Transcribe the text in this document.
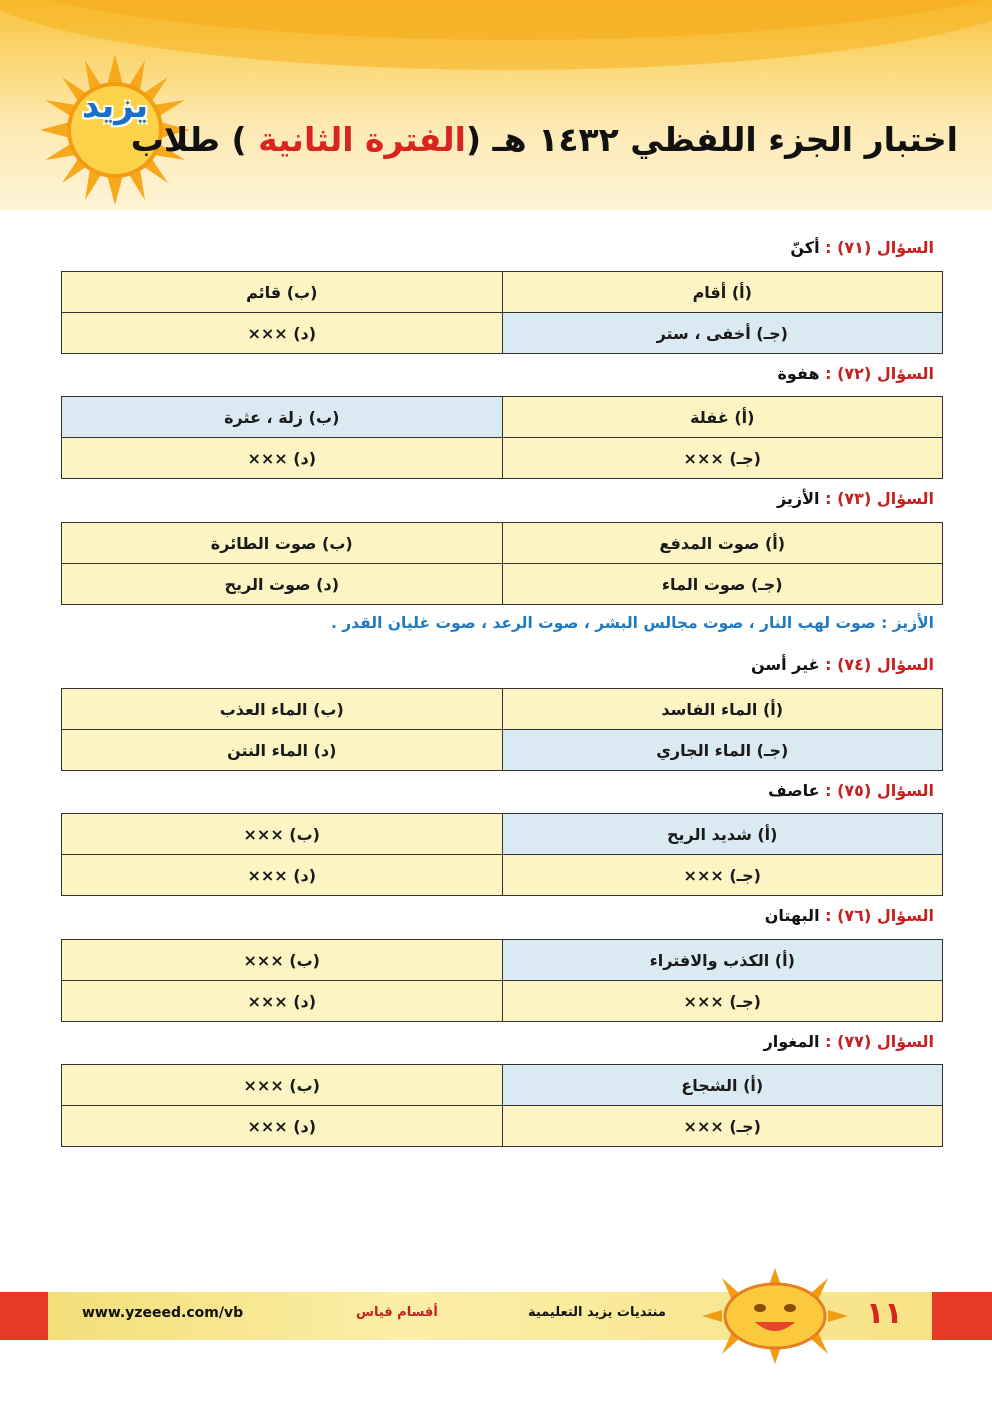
يزيد
اختبار الجزء اللفظي ١٤٣٢ هـ (الفترة الثانية ) طلاب
السؤال (٧١) : أكنّ
(أ) أقام	(ب) قائم
(جـ) أخفى ، ستر	(د) ×××
السؤال (٧٢) : هفوة
(أ) غفلة	(ب) زلة ، عثرة
(جـ) ×××	(د) ×××
السؤال (٧٣) : الأزيز
(أ) صوت المدفع	(ب) صوت الطائرة
(جـ) صوت الماء	(د) صوت الريح
الأزيز : صوت لهب النار ، صوت مجالس البشر ، صوت الرعد ، صوت غليان القدر .
السؤال (٧٤) : غير أسن
(أ) الماء الفاسد	(ب) الماء العذب
(جـ) الماء الجاري	(د) الماء النتن
السؤال (٧٥) : عاصف
(أ) شديد الريح	(ب) ×××
(جـ) ×××	(د) ×××
السؤال (٧٦) : البهتان
(أ) الكذب والافتراء	(ب) ×××
(جـ) ×××	(د) ×××
السؤال (٧٧) : المغوار
(أ) الشجاع	(ب) ×××
(جـ) ×××	(د) ×××
www.yzeeed.com/vb	أقسام قياس	منتديات يزيد التعليمية	١١
